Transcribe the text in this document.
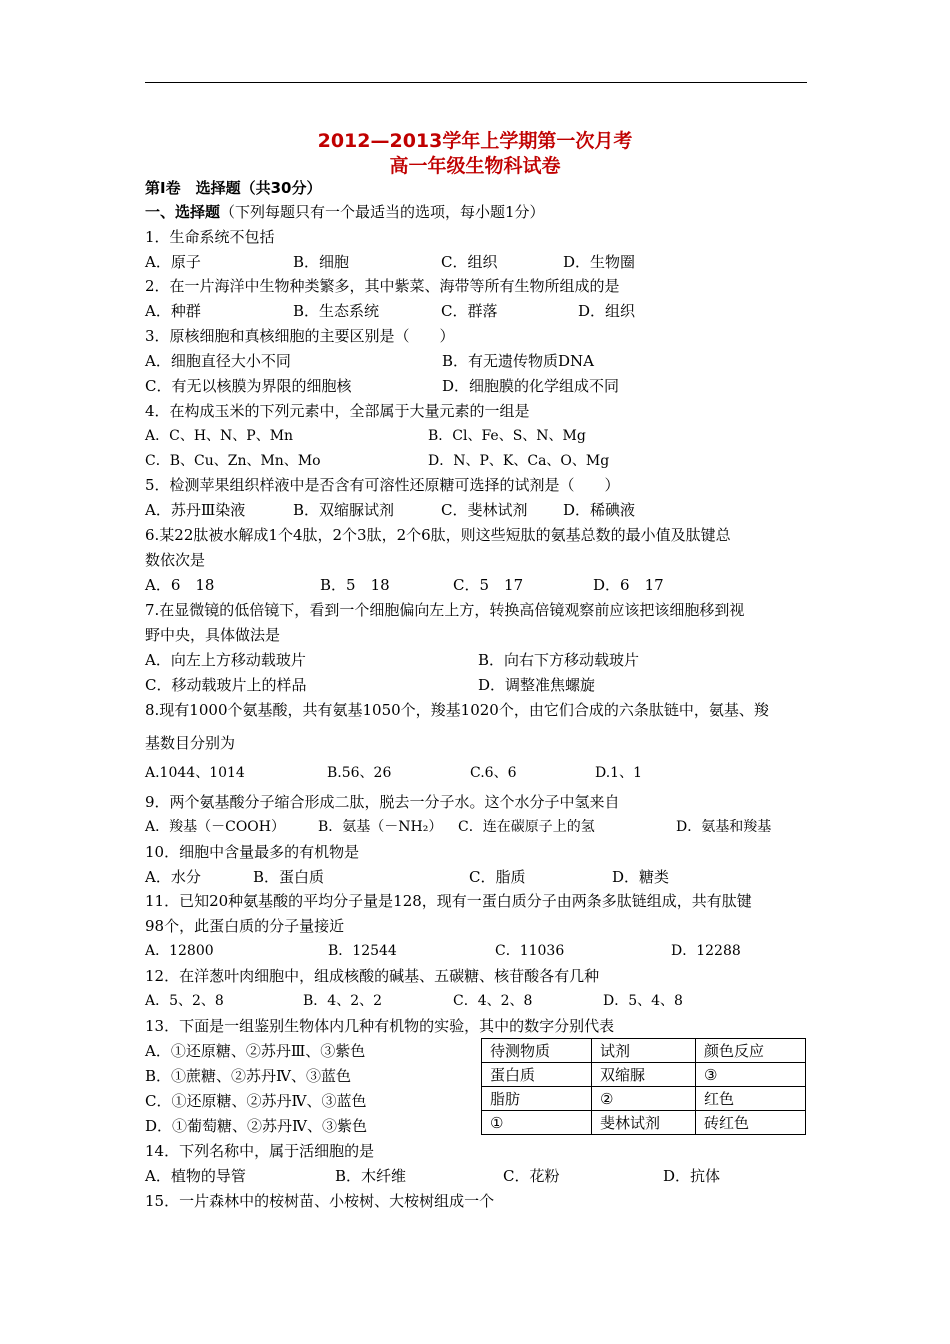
2012—2013学年上学期第一次月考
高一年级生物科试卷
第Ⅰ卷　选择题（共30分）
一、选择题（下列每题只有一个最适当的选项，每小题1分）
1．生命系统不包括
A．原子	B．细胞	C．组织	D．生物圈
2．在一片海洋中生物种类繁多，其中紫菜、海带等所有生物所组成的是
A．种群	B．生态系统	C．群落	D．组织
3．原核细胞和真核细胞的主要区别是（　　）
A．细胞直径大小不同	B．有无遗传物质DNA
C．有无以核膜为界限的细胞核	D．细胞膜的化学组成不同
4．在构成玉米的下列元素中，全部属于大量元素的一组是
A．C、H、N、P、Mn	B．Cl、Fe、S、N、Mg
C．B、Cu、Zn、Mn、Mo	D．N、P、K、Ca、O、Mg
5．检测苹果组织样液中是否含有可溶性还原糖可选择的试剂是（　　）
A．苏丹Ⅲ染液	B．双缩脲试剂	C．斐林试剂 D．稀碘液
6.某22肽被水解成1个4肽，2个3肽，2个6肽，则这些短肽的氨基总数的最小值及肽键总
数依次是
A．6　18	B．5　18	C．5　17	D．6　17
7.在显微镜的低倍镜下，看到一个细胞偏向左上方，转换高倍镜观察前应该把该细胞移到视
野中央，具体做法是
A．向左上方移动载玻片	B．向右下方移动载玻片
C．移动载玻片上的样品	D．调整准焦螺旋
8.现有1000个氨基酸，共有氨基1050个，羧基1020个，由它们合成的六条肽链中，氨基、羧
基数目分别为
A.1044、1014	B.56、26	C.6、6	D.1、1
9．两个氨基酸分子缩合形成二肽，脱去一分子水。这个水分子中氢来自
A．羧基（－COOH） B．氨基（－NH₂） C．连在碳原子上的氢	D．氨基和羧基
10．细胞中含量最多的有机物是
A．水分	B．蛋白质	C．脂质	D．糖类
11．已知20种氨基酸的平均分子量是128，现有一蛋白质分子由两条多肽链组成，共有肽键
98个，此蛋白质的分子量接近
A．12800	B．12544	C．11036	D．12288
12．在洋葱叶肉细胞中，组成核酸的碱基、五碳糖、核苷酸各有几种
A．5、2、8	B．4、2、2	C．4、2、8	D．5、4、8
13．下面是一组鉴别生物体内几种有机物的实验，其中的数字分别代表
A．①还原糖、②苏丹Ⅲ、③紫色
B．①蔗糖、②苏丹Ⅳ、③蓝色
C．①还原糖、②苏丹Ⅳ、③蓝色
D．①葡萄糖、②苏丹Ⅳ、③紫色
待测物质	试剂	颜色反应
蛋白质	双缩脲	③
脂肪	②	红色
①	斐林试剂	砖红色
14．下列名称中，属于活细胞的是
A．植物的导管	B．木纤维	C．花粉	D．抗体
15．一片森林中的桉树苗、小桉树、大桉树组成一个
